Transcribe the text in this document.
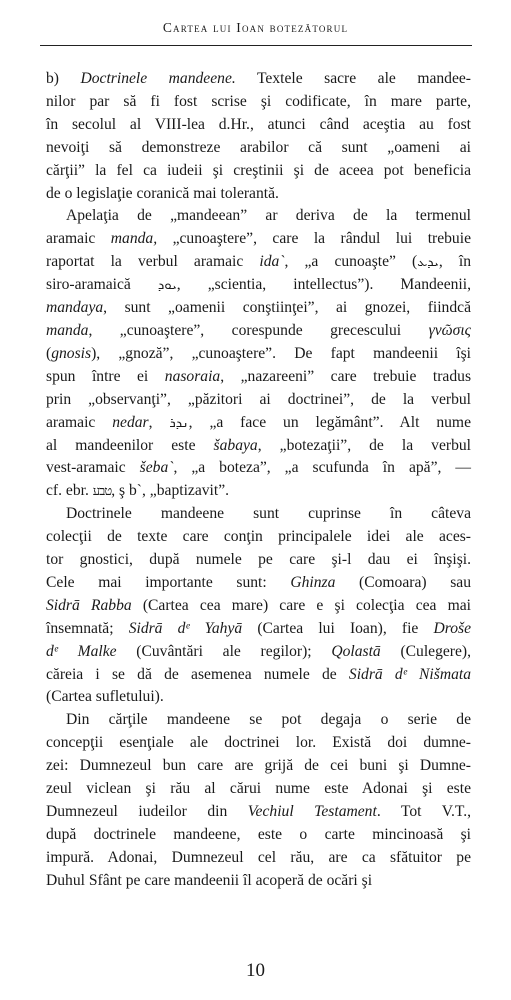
Cartea lui Ioan botezătorul

b) Doctrinele mandeene. Textele sacre ale mandee-
nilor par să fi fost scrise şi codificate, în mare parte,
în secolul al VIII-lea d.Hr., atunci când aceştia au fost
nevoiţi să demonstreze arabilor că sunt „oameni ai
cărţii” la fel ca iudeii şi creştinii şi de aceea pot beneficia
de o legislaţie coranică mai tolerantă.

Apelaţia de „mandeean” ar deriva de la termenul
aramaic manda, „cunoaştere”, care la rândul lui trebuie
raportat la verbul aramaic ida`, „a cunoaşte” (ܝܕܥ, în
siro-aramaică ܝܘܕ, „scientia, intellectus”). Mandeenii,
mandaya, sunt „oamenii conştiinţei”, ai gnozei, fiindcă
manda, „cunoaştere”, corespunde grecescului γνῶσις
(gnosis), „gnoză”, „cunoaştere”. De fapt mandeenii îşi
spun între ei nasoraia, „nazareeni” care trebuie tradus
prin „observanţi”, „păzitori ai doctrinei”, de la verbul
aramaic nedar, ܢܕܪ, „a face un legământ”. Alt nume
al mandeenilor este šabaya, „botezaţii”, de la verbul
vest-aramaic šeba`, „a boteza”, „a scufunda în apă”, —
cf. ebr. טבע, ş b`, „baptizavit”.

Doctrinele mandeene sunt cuprinse în câteva
colecţii de texte care conţin principalele idei ale aces-
tor gnostici, după numele pe care şi-l dau ei înşişi.
Cele mai importante sunt: Ghinza (Comoara) sau
Sidrā Rabba (Cartea cea mare) care e şi colecţia cea mai
însemnată; Sidrā dᵉ Yahyā (Cartea lui Ioan), fie Droše
dᵉ Malke (Cuvântări ale regilor); Qolastā (Culegere),
căreia i se dă de asemenea numele de Sidrā dᵉ Nišmata
(Cartea sufletului).

Din cărţile mandeene se pot degaja o serie de
concepţii esenţiale ale doctrinei lor. Există doi dumne-
zei: Dumnezeul bun care are grijă de cei buni şi Dumne-
zeul viclean şi rău al cărui nume este Adonai şi este
Dumnezeul iudeilor din Vechiul Testament. Tot V.T.,
după doctrinele mandeene, este o carte mincinoasă şi
impură. Adonai, Dumnezeul cel rău, are ca sfătuitor pe
Duhul Sfânt pe care mandeenii îl acoperă de ocări şi

10
